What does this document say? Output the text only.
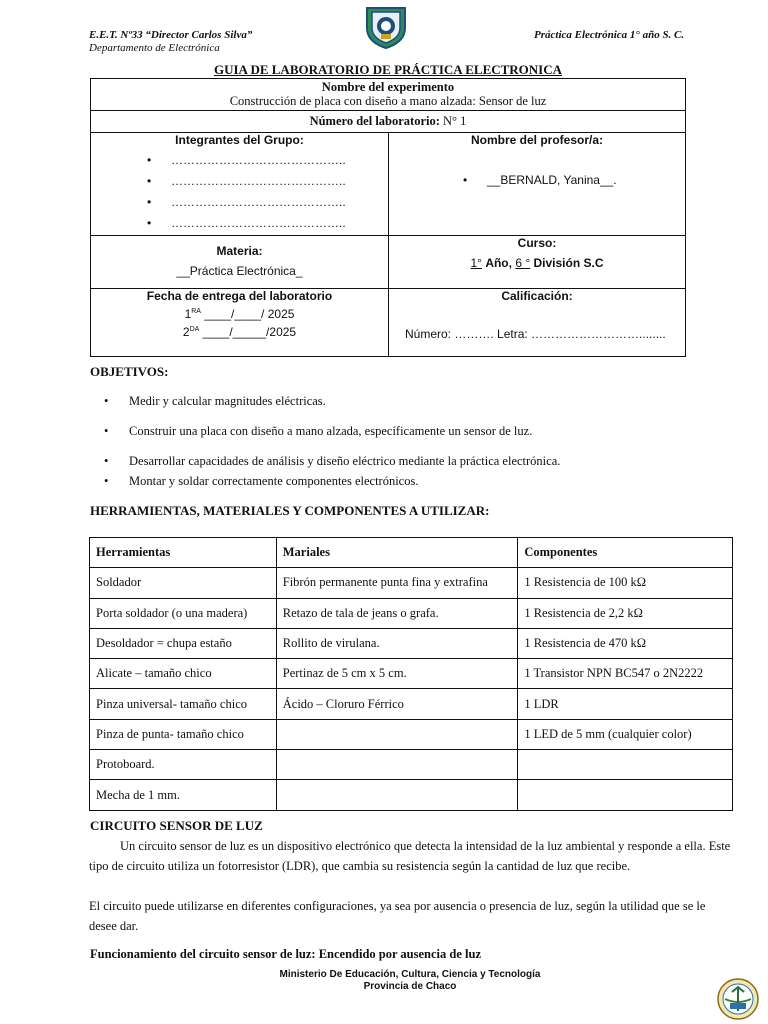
E.E.T. Nº33 “Director Carlos Silva”
Departamento de Electrónica
Práctica Electrónica 1° año S. C.
GUIA DE LABORATORIO DE PRÁCTICA ELECTRONICA
Nombre del experimento
Construcción de placa con diseño a mano alzada: Sensor de luz
Número del laboratorio: N° 1
Integrantes del Grupo:
•	……………………………………..
•	……………………………………..
•	……………………………………..
•	……………………………………..
Nombre del profesor/a:
•	__BERNALD, Yanina__.
Materia:
__Práctica Electrónica_
Curso:
1° Año, 6 ° División S.C
Fecha de entrega del laboratorio
$1^{RA}$ ____/____/ 2025
$2^{DA}$ ____/_____/2025
Calificación:
Número: ………. Letra: ………………………........
OBJETIVOS:
•	Medir y calcular magnitudes eléctricas.
•	Construir una placa con diseño a mano alzada, específicamente un sensor de luz.
•	Desarrollar capacidades de análisis y diseño eléctrico mediante la práctica electrónica.
•	Montar y soldar correctamente componentes electrónicos.
HERRAMIENTAS, MATERIALES Y COMPONENTES A UTILIZAR:
Herramientas	Mariales	Componentes
Soldador	Fibrón permanente punta fina y extrafina	1 Resistencia de 100 kΩ
Porta soldador (o una madera)	Retazo de tala de jeans o grafa.	1 Resistencia de 2,2 kΩ
Desoldador = chupa estaño	Rollito de virulana.	1 Resistencia de 470 kΩ
Alicate – tamaño chico	Pertinaz de 5 cm x 5 cm.	1 Transistor NPN BC547 o 2N2222
Pinza universal- tamaño chico	Ácido – Cloruro Férrico	1 LDR
Pinza de punta- tamaño chico		1 LED de 5 mm (cualquier color)
Protoboard.		
Mecha de 1 mm.		
CIRCUITO SENSOR DE LUZ
Un circuito sensor de luz es un dispositivo electrónico que detecta la intensidad de la luz ambiental y responde a ella. Este tipo de circuito utiliza un fotorresistor (LDR), que cambia su resistencia según la cantidad de luz que recibe.
El circuito puede utilizarse en diferentes configuraciones, ya sea por ausencia o presencia de luz, según la utilidad que se le desee dar.
Funcionamiento del circuito sensor de luz: Encendido por ausencia de luz
Ministerio De Educación, Cultura, Ciencia y Tecnología
Provincia de Chaco
